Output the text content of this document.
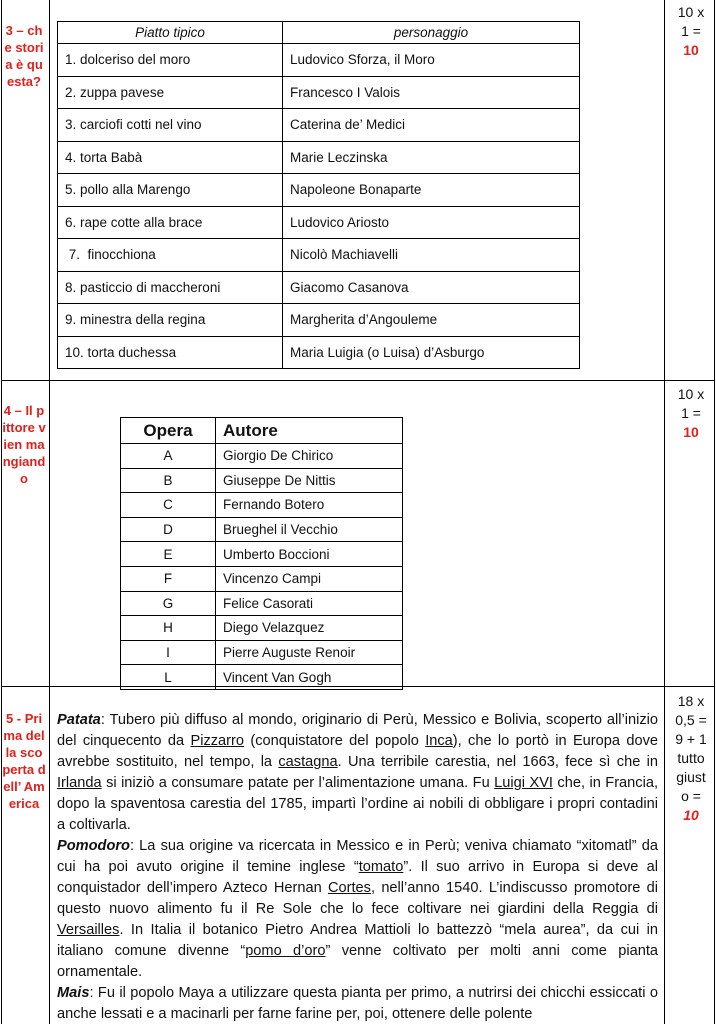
3 – che storia è questa?
10 x
1 =
10
Piatto tipico	personaggio
1. dolceriso del moro	Ludovico Sforza, il Moro
2. zuppa pavese	Francesco I Valois
3. carciofi cotti nel vino	Caterina de’ Medici
4. torta Babà	Marie Leczinska
5. pollo alla Marengo	Napoleone Bonaparte
6. rape cotte alla brace	Ludovico Ariosto
7.  finocchiona	Nicolò Machiavelli
8. pasticcio di maccheroni	Giacomo Casanova
9. minestra della regina	Margherita d’Angouleme
10. torta duchessa	Maria Luigia (o Luisa) d’Asburgo
4 – Il pittore vien mangiando
10 x
1 =
10
Opera	Autore
A	Giorgio De Chirico
B	Giuseppe De Nittis
C	Fernando Botero
D	Brueghel il Vecchio
E	Umberto Boccioni
F	Vincenzo Campi
G	Felice Casorati
H	Diego Velazquez
I	Pierre Auguste Renoir
L	Vincent Van Gogh
5 - Prima della scoperta dell’ America
18 x
0,5 =
9 + 1
tutto
giust
o =
10

Patata: Tubero più diffuso al mondo, originario di Perù, Messico e Bolivia, scoperto all’inizio del cinquecento da Pizzarro (conquistatore del popolo Inca), che lo portò in Europa dove avrebbe sostituito, nel tempo, la castagna. Una terribile carestia, nel 1663, fece sì che in Irlanda si iniziò a consumare patate per l’alimentazione umana. Fu Luigi XVI che, in Francia, dopo la spaventosa carestia del 1785, impartì l’ordine ai nobili di obbligare i propri contadini a coltivarla.

Pomodoro: La sua origine va ricercata in Messico e in Perù; veniva chiamato “xitomatl” da cui ha poi avuto origine il temine inglese “tomato”. Il suo arrivo in Europa si deve al conquistador dell’impero Azteco Hernan Cortes, nell’anno 1540. L’indiscusso promotore di questo nuovo alimento fu il Re Sole che lo fece coltivare nei giardini della Reggia di Versailles. In Italia il botanico Pietro Andrea Mattioli lo battezzò “mela aurea”, da cui in italiano comune divenne “pomo d’oro” venne coltivato per molti anni come pianta ornamentale.

Mais: Fu il popolo Maya a utilizzare questa pianta per primo, a nutrirsi dei chicchi essiccati o anche lessati e a macinarli per farne farine per, poi, ottenere delle polente
